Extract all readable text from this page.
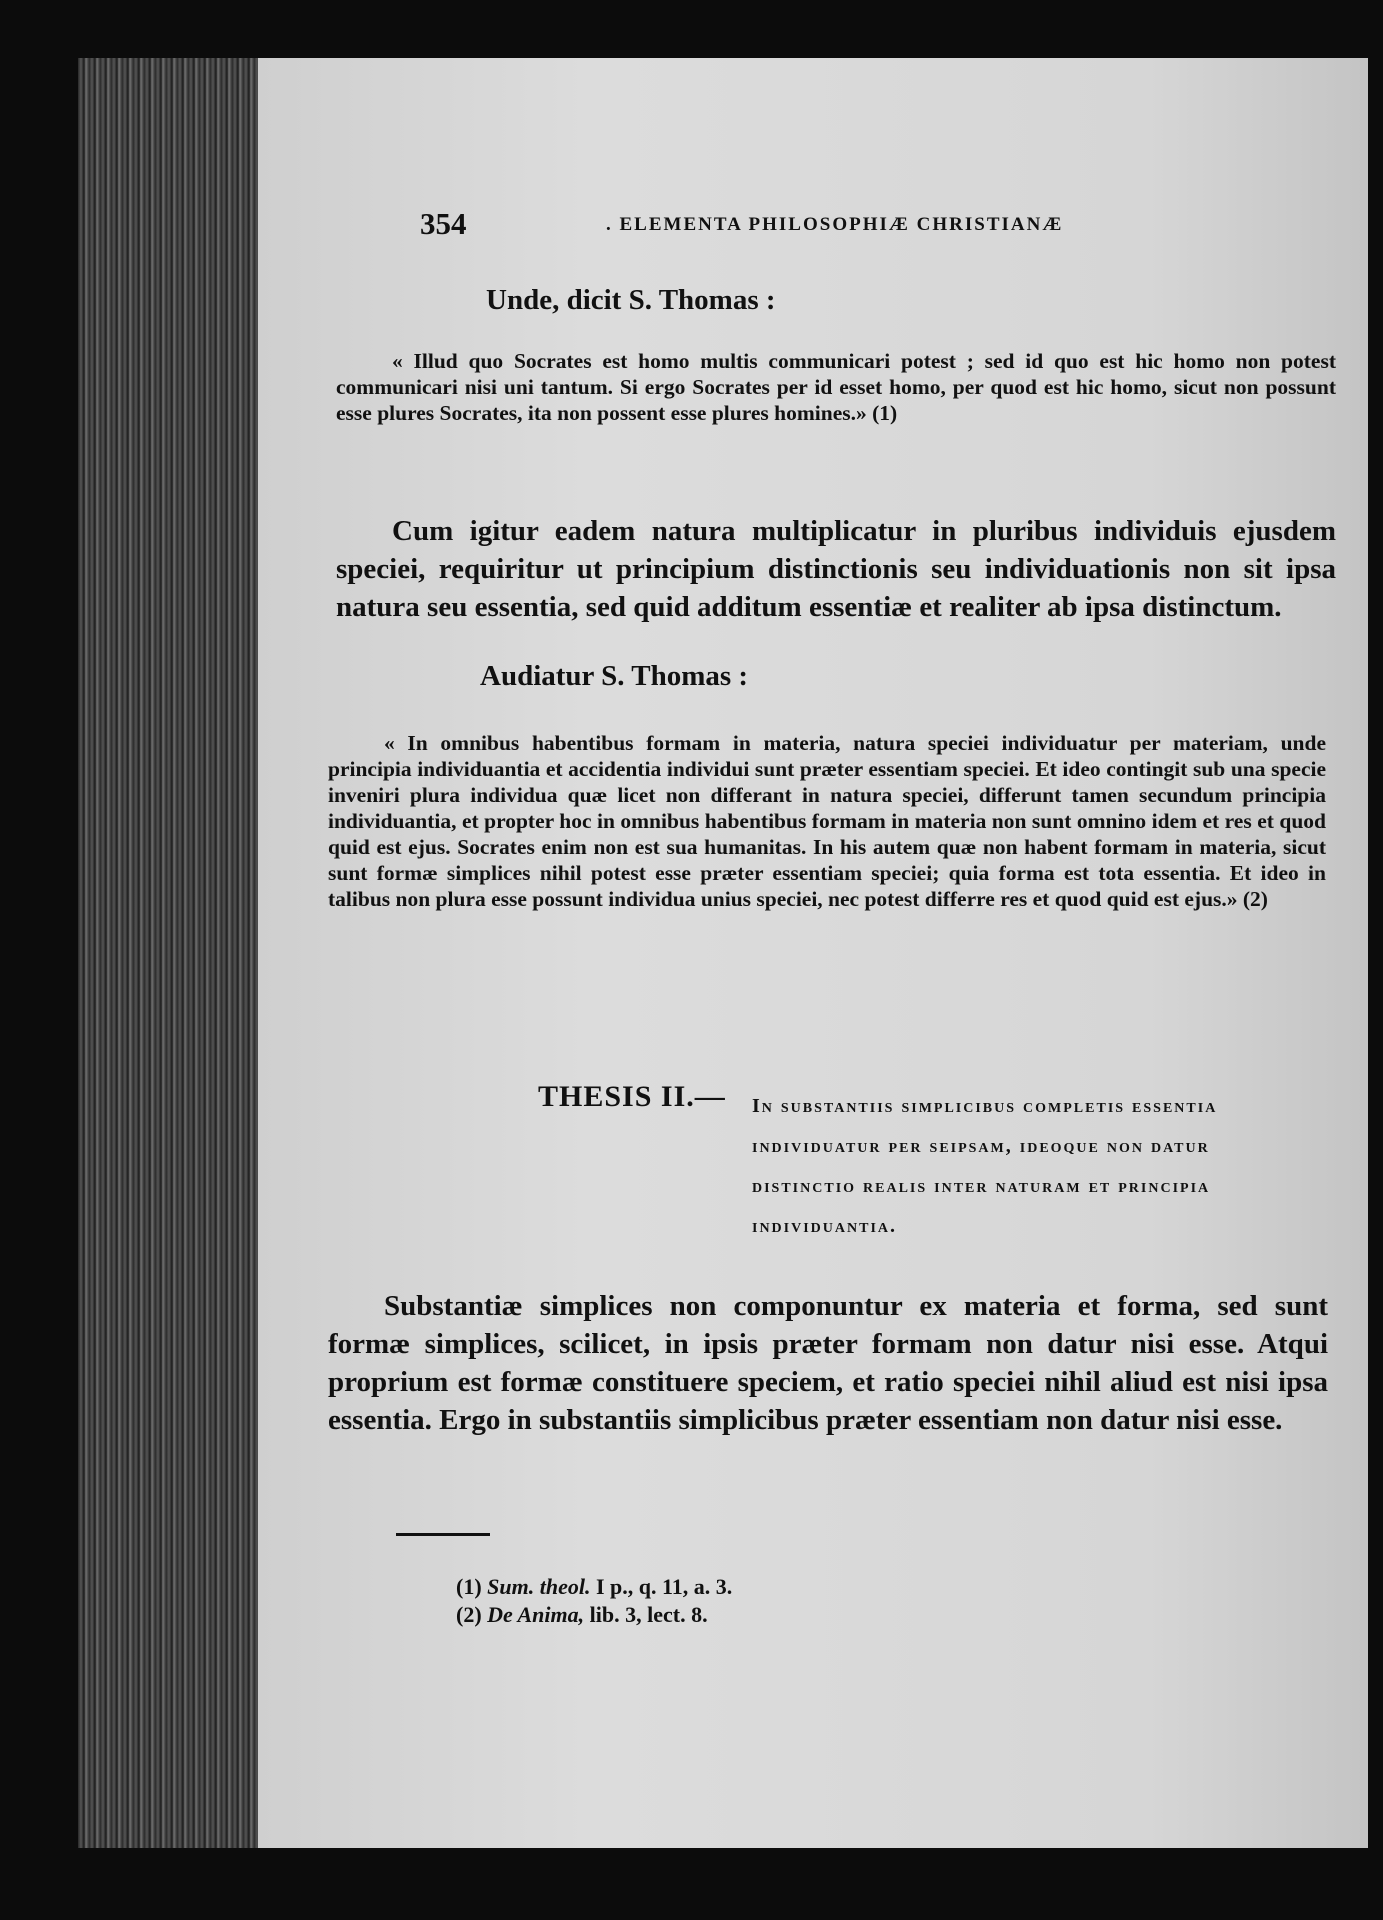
354	. ELEMENTA PHILOSOPHIÆ CHRISTIANÆ
Unde, dicit S. Thomas :
« Illud quo Socrates est homo multis communicari potest ; sed id quo est hic homo non potest communicari nisi uni tantum. Si ergo Socrates per id esset homo, per quod est hic homo, sicut non possunt esse plures Socrates, ita non possent esse plures homines.» (1)
Cum igitur eadem natura multiplicatur in pluribus individuis ejusdem speciei, requiritur ut principium distinctionis seu individuationis non sit ipsa natura seu essentia, sed quid additum essentiæ et realiter ab ipsa distinctum.
Audiatur S. Thomas :
« In omnibus habentibus formam in materia, natura speciei individuatur per materiam, unde principia individuantia et accidentia individui sunt præter essentiam speciei. Et ideo contingit sub una specie inveniri plura individua quæ licet non differant in natura speciei, differunt tamen secundum principia individuantia, et propter hoc in omnibus habentibus formam in materia non sunt omnino idem et res et quod quid est ejus. Socrates enim non est sua humanitas. In his autem quæ non habent formam in materia, sicut sunt formæ simplices nihil potest esse præter essentiam speciei; quia forma est tota essentia. Et ideo in talibus non plura esse possunt individua unius speciei, nec potest differre res et quod quid est ejus.» (2)
THESIS II.— In substantiis simplicibus completis essentia individuatur per seipsam, ideoque non datur distinctio realis inter naturam et principia individuantia.
Substantiæ simplices non componuntur ex materia et forma, sed sunt formæ simplices, scilicet, in ipsis præter formam non datur nisi esse. Atqui proprium est formæ constituere speciem, et ratio speciei nihil aliud est nisi ipsa essentia. Ergo in substantiis simplicibus præter essentiam non datur nisi esse.
(1) Sum. theol. I p., q. 11, a. 3.
(2) De Anima, lib. 3, lect. 8.
